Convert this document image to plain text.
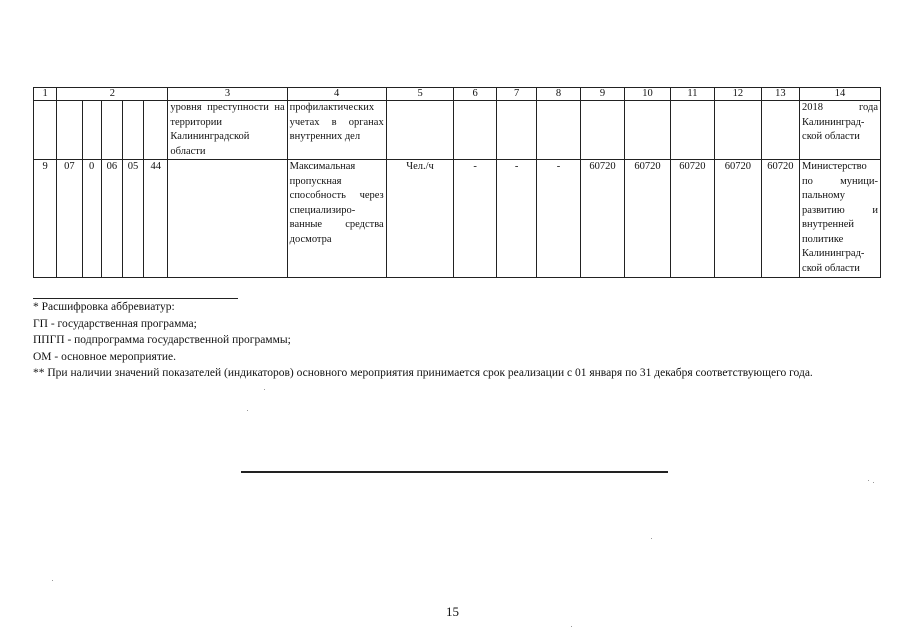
1	2					3	4	5	6	7	8	9	10	11	12	13	14
						уровня преступности на территории Калининградской области	профилактических учетах в органах внутренних дел										2018 года Калининград-ской области
9	07	0	06	05	44		Максимальная пропускная способность через специализиро-ванные средства досмотра	Чел./ч	-	-	-	60720	60720	60720	60720	60720	Министерство по муници-пальному развитию и внутренней политике Калининград-ской области

* Расшифровка аббревиатур:

ГП - государственная программа;

ППГП - подпрограмма государственной программы;

ОМ - основное мероприятие.

** При наличии значений показателей (индикаторов) основного мероприятия принимается срок реализации с 01 января по 31 декабря соответствующего года.

15
